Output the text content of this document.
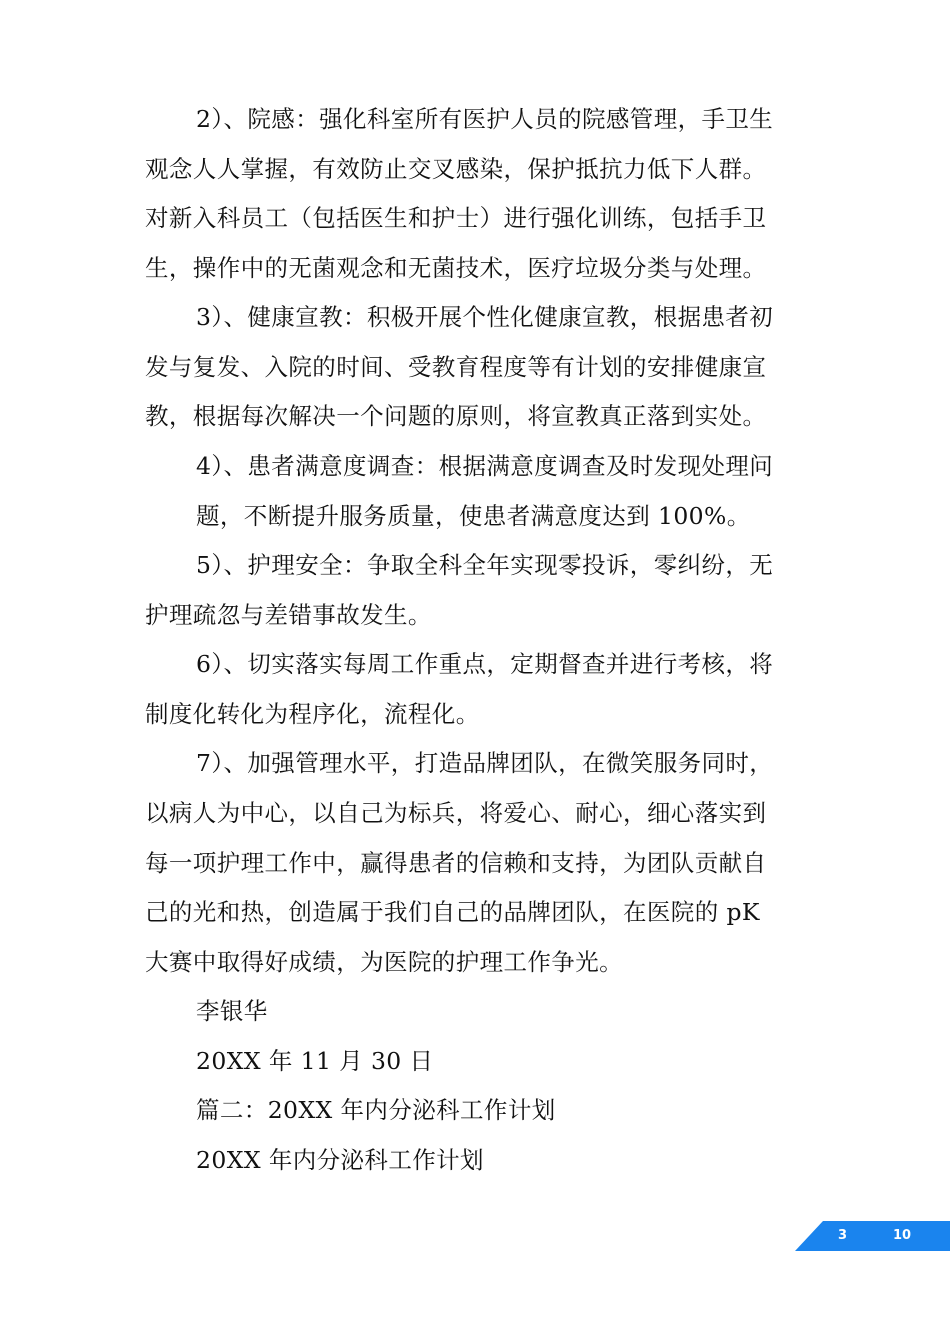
2）、院感：强化科室所有医护人员的院感管理，手卫生
观念人人掌握，有效防止交叉感染，保护抵抗力低下人群。
对新入科员工（包括医生和护士）进行强化训练，包括手卫
生，操作中的无菌观念和无菌技术，医疗垃圾分类与处理。
3）、健康宣教：积极开展个性化健康宣教，根据患者初
发与复发、入院的时间、受教育程度等有计划的安排健康宣
教，根据每次解决一个问题的原则，将宣教真正落到实处。
4）、患者满意度调查：根据满意度调查及时发现处理问
题，不断提升服务质量，使患者满意度达到 100%。
5）、护理安全：争取全科全年实现零投诉，零纠纷，无
护理疏忽与差错事故发生。
6）、切实落实每周工作重点，定期督查并进行考核，将
制度化转化为程序化，流程化。
7）、加强管理水平，打造品牌团队，在微笑服务同时，
以病人为中心，以自己为标兵，将爱心、耐心，细心落实到
每一项护理工作中，赢得患者的信赖和支持，为团队贡献自
己的光和热，创造属于我们自己的品牌团队，在医院的 pK
大赛中取得好成绩，为医院的护理工作争光。
李银华
20XX 年 11 月 30 日
篇二：20XX 年内分泌科工作计划
20XX 年内分泌科工作计划
3	10
